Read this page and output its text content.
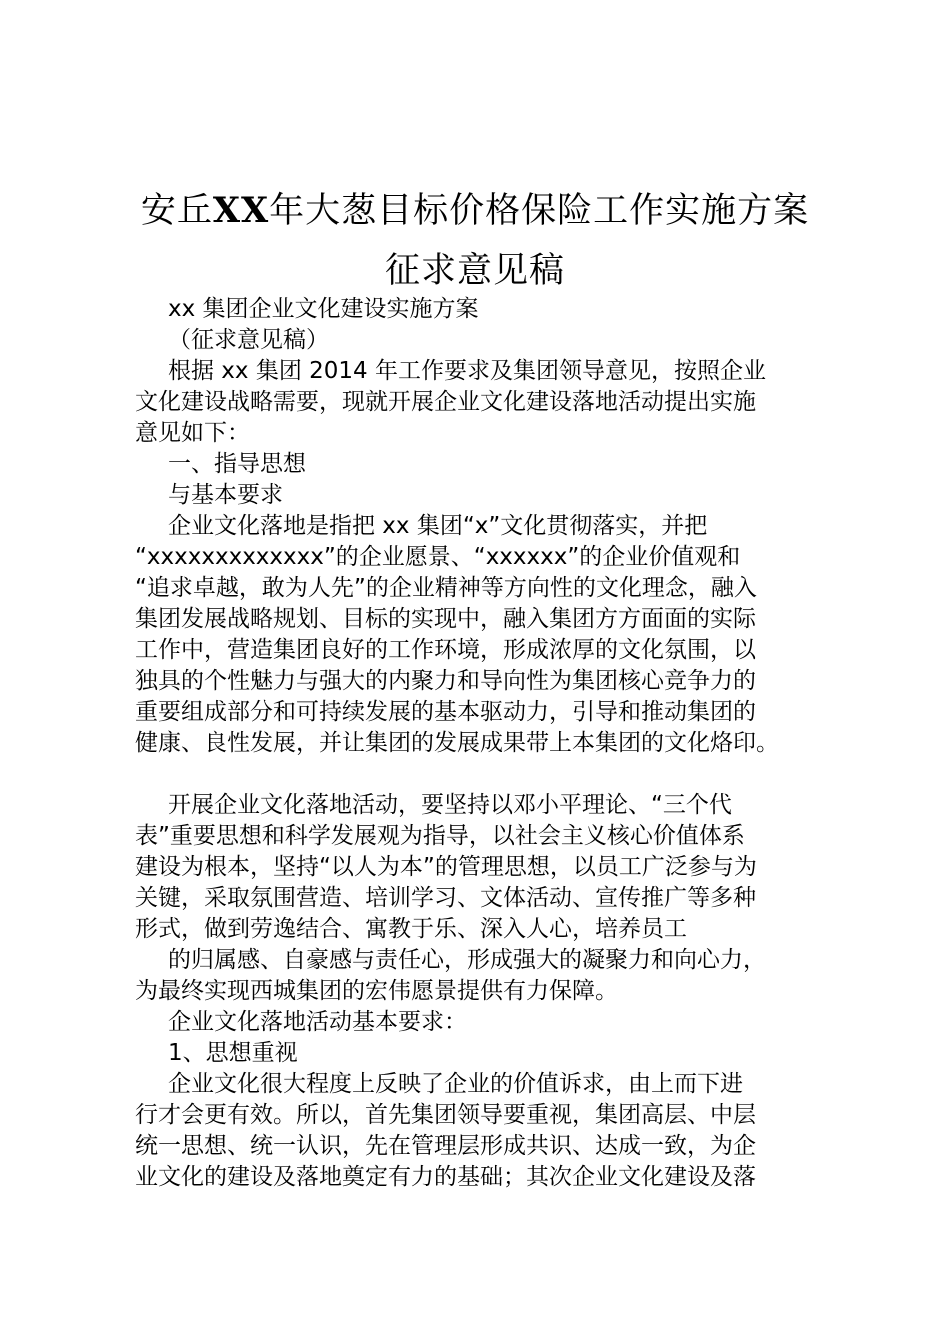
安丘XX年大葱目标价格保险工作实施方案
征求意见稿
xx 集团企业文化建设实施方案
（征求意见稿）
根据 xx 集团 2014 年工作要求及集团领导意见，按照企业
文化建设战略需要，现就开展企业文化建设落地活动提出实施
意见如下：
一、指导思想
与基本要求
企业文化落地是指把 xx 集团“x”文化贯彻落实，并把
“xxxxxxxxxxxxx”的企业愿景、“xxxxxx”的企业价值观和
“追求卓越，敢为人先”的企业精神等方向性的文化理念，融入
集团发展战略规划、目标的实现中，融入集团方方面面的实际
工作中，营造集团良好的工作环境，形成浓厚的文化氛围，以
独具的个性魅力与强大的内聚力和导向性为集团核心竞争力的
重要组成部分和可持续发展的基本驱动力，引导和推动集团的
健康、良性发展，并让集团的发展成果带上本集团的文化烙印。
开展企业文化落地活动，要坚持以邓小平理论、“三个代
表”重要思想和科学发展观为指导，以社会主义核心价值体系
建设为根本，坚持“以人为本”的管理思想，以员工广泛参与为
关键，采取氛围营造、培训学习、文体活动、宣传推广等多种
形式，做到劳逸结合、寓教于乐、深入人心，培养员工
的归属感、自豪感与责任心，形成强大的凝聚力和向心力，
为最终实现西城集团的宏伟愿景提供有力保障。
企业文化落地活动基本要求：
1、思想重视
企业文化很大程度上反映了企业的价值诉求，由上而下进
行才会更有效。所以，首先集团领导要重视，集团高层、中层
统一思想、统一认识，先在管理层形成共识、达成一致，为企
业文化的建设及落地奠定有力的基础；其次企业文化建设及落
